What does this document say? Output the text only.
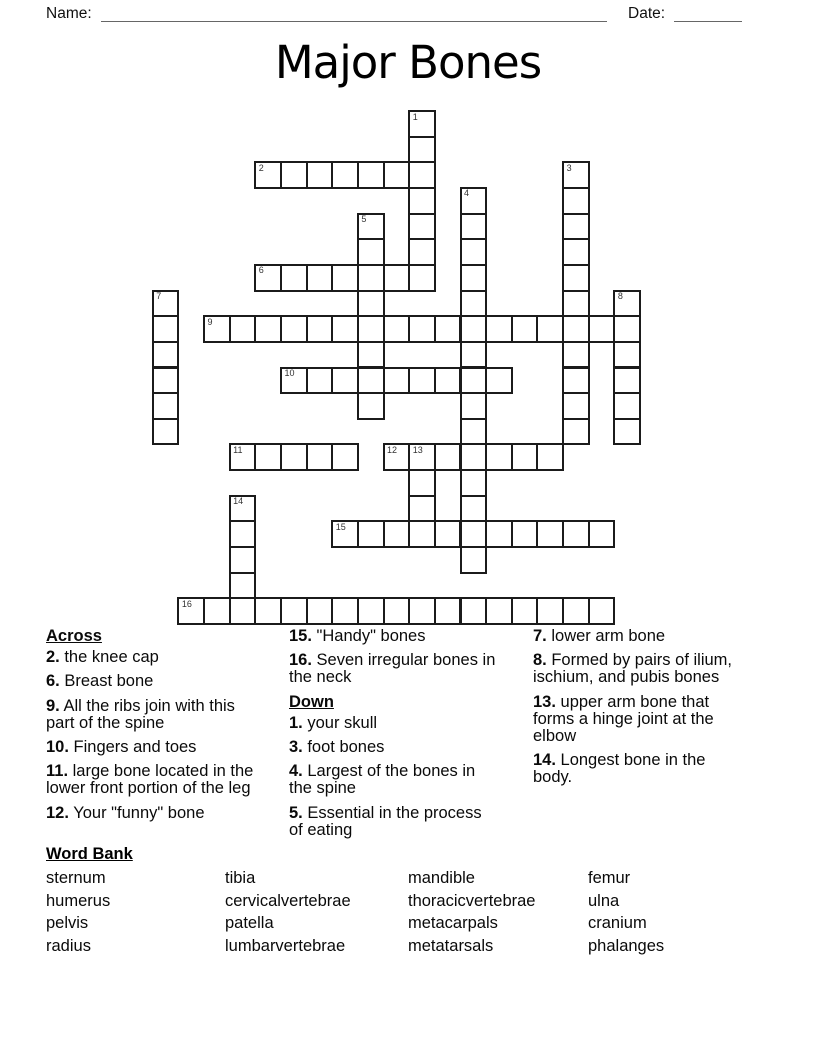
Name:	Date:
Major Bones
1
2	3
4
5
6
7	8
9
10
11	12 13
14
15
16
Across

2. the knee cap

6. Breast bone

9. All the ribs join with this part of the spine

10. Fingers and toes

11. large bone located in the lower front portion of the leg

12. Your "funny" bone

15. "Handy" bones

16. Seven irregular bones in the neck

Down

1. your skull

3. foot bones

4. Largest of the bones in the spine

5. Essential in the process of eating

7. lower arm bone

8. Formed by pairs of ilium, ischium, and pubis bones

13. upper arm bone that forms a hinge joint at the elbow

14. Longest bone in the body.

Word Bank
sternum
humerus
pelvis
radius
tibia
cervicalvertebrae
patella
lumbarvertebrae
mandible
thoracicvertebrae
metacarpals
metatarsals
femur
ulna
cranium
phalanges
